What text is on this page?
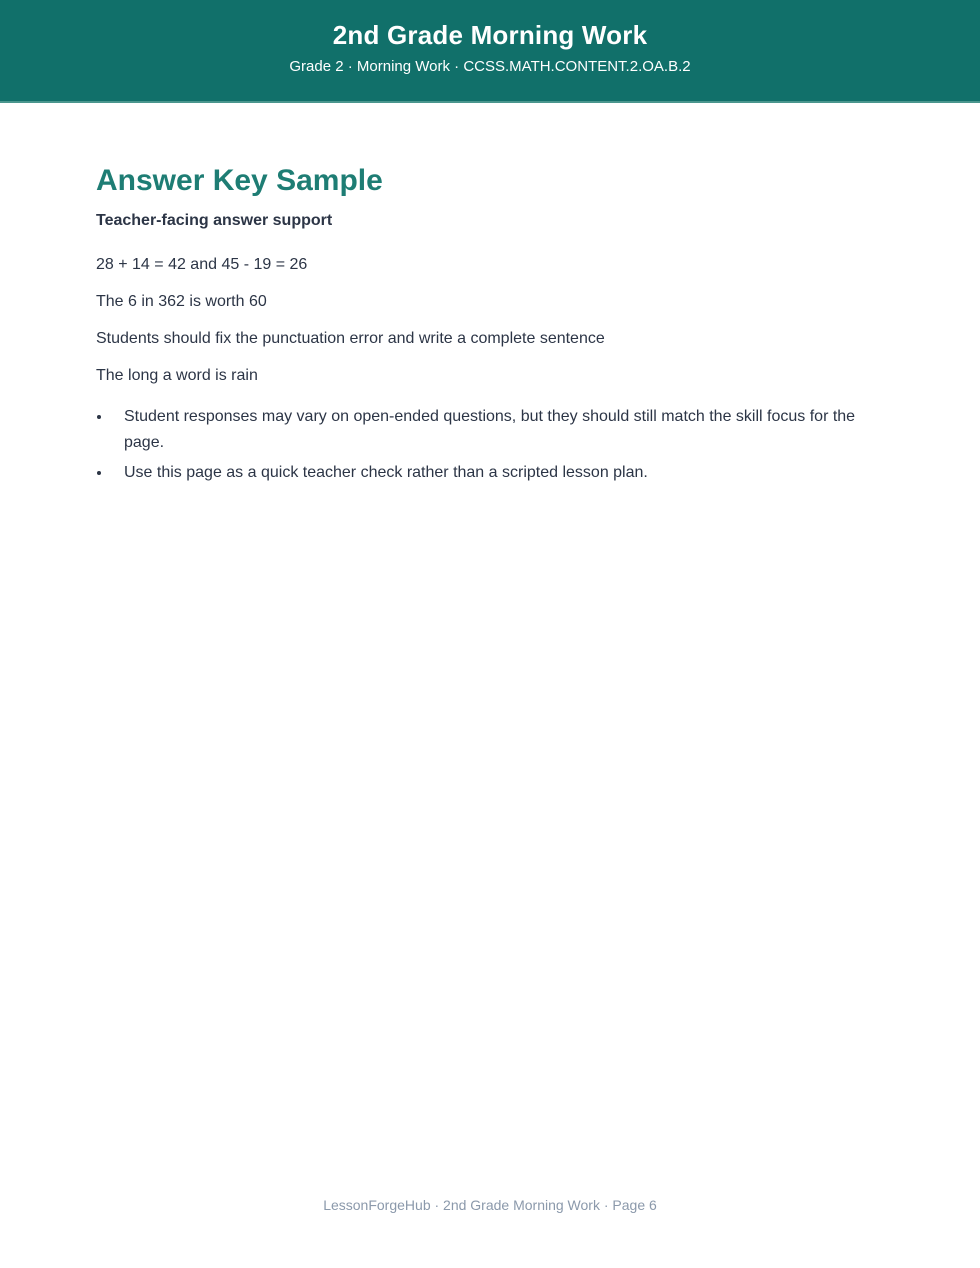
2nd Grade Morning Work
Grade 2 · Morning Work · CCSS.MATH.CONTENT.2.OA.B.2
Answer Key Sample
Teacher-facing answer support

28 + 14 = 42 and 45 - 19 = 26

The 6 in 362 is worth 60

Students should fix the punctuation error and write a complete sentence

The long a word is rain

Student responses may vary on open-ended questions, but they should still match the skill focus for the page.
Use this page as a quick teacher check rather than a scripted lesson plan.
LessonForgeHub · 2nd Grade Morning Work · Page 6
